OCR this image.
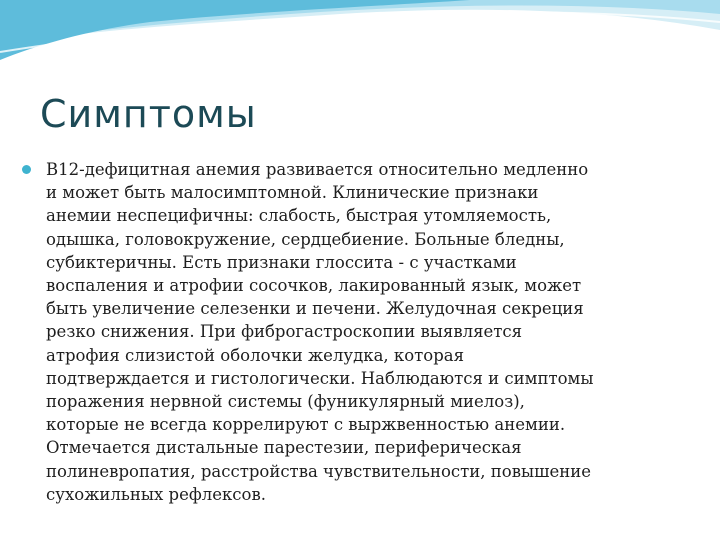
Симптомы

В12-дефицитная анемия развивается относительно медленно
и может быть малосимптомной. Клинические признаки
анемии неспецифичны: слабость, быстрая утомляемость,
одышка, головокружение, сердцебиение. Больные бледны,
субиктеричны. Есть признаки глоссита - с участками
воспаления и атрофии сосочков, лакированный язык, может
быть увеличение селезенки и печени. Желудочная секреция
резко снижения. При фиброгастроскопии выявляется
атрофия слизистой оболочки желудка, которая
подтверждается и гистологически. Наблюдаются и симптомы
поражения нервной системы (фуникулярный миелоз),
которые не всегда коррелируют с выржвенностью анемии.
Отмечается дистальные парестезии, периферическая
полиневропатия, расстройства чувствительности, повышение
сухожильных рефлексов.
